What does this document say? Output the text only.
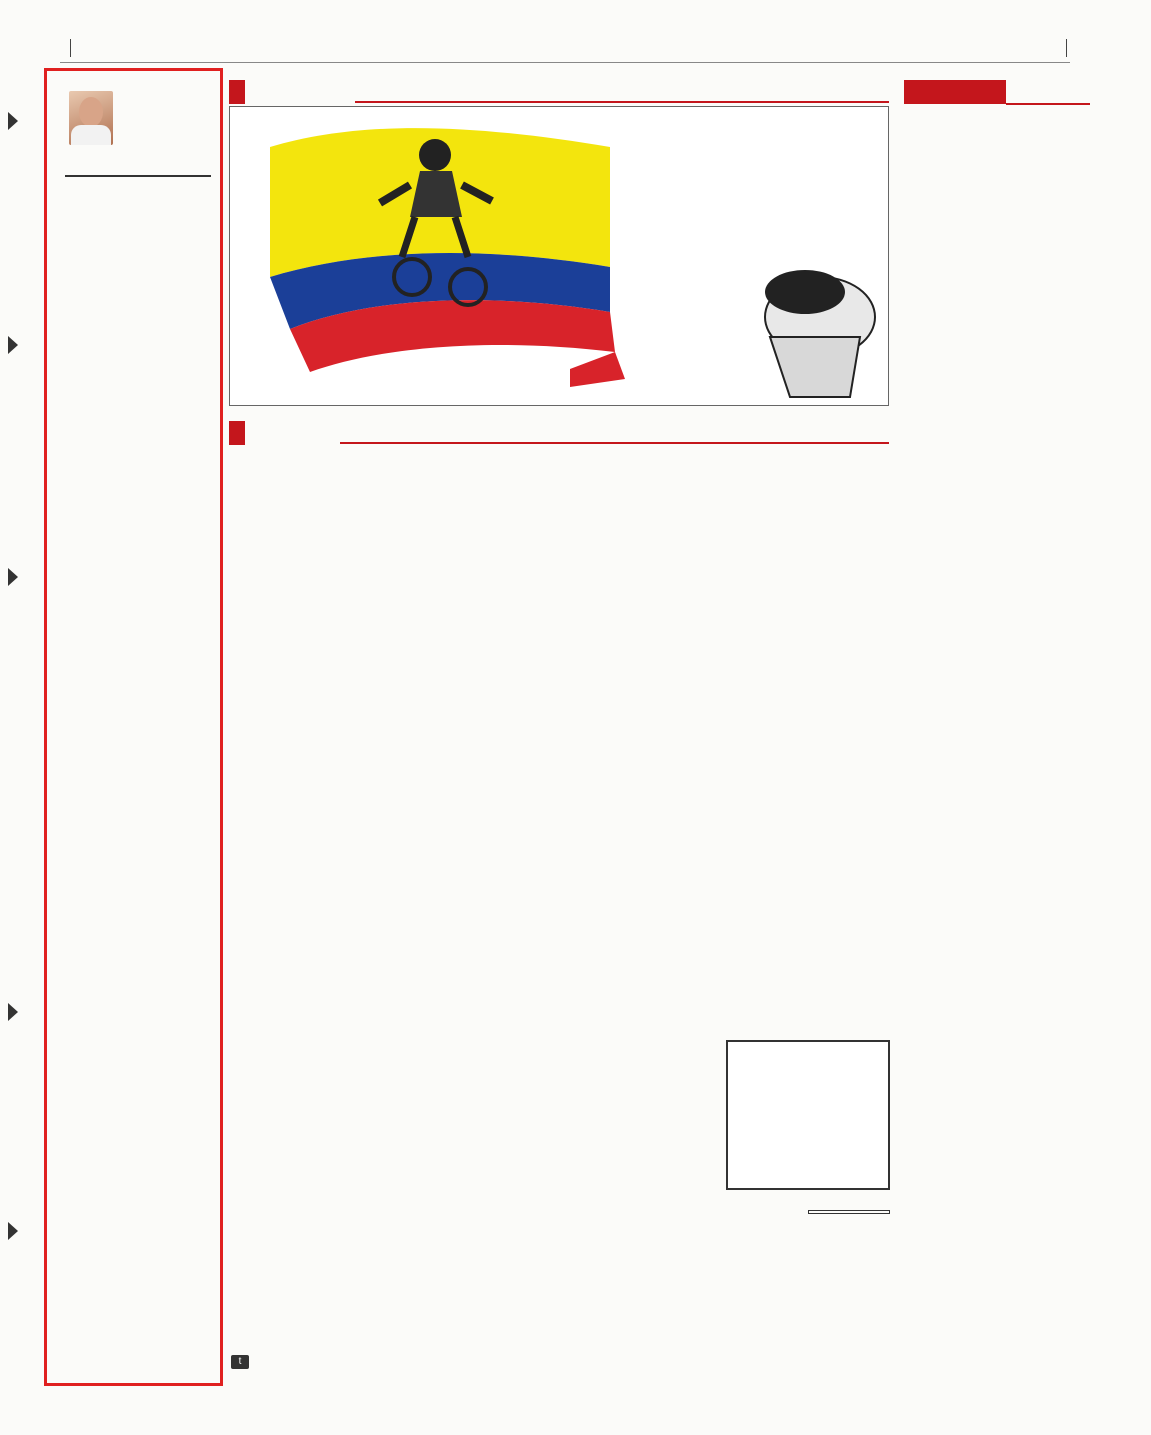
t
